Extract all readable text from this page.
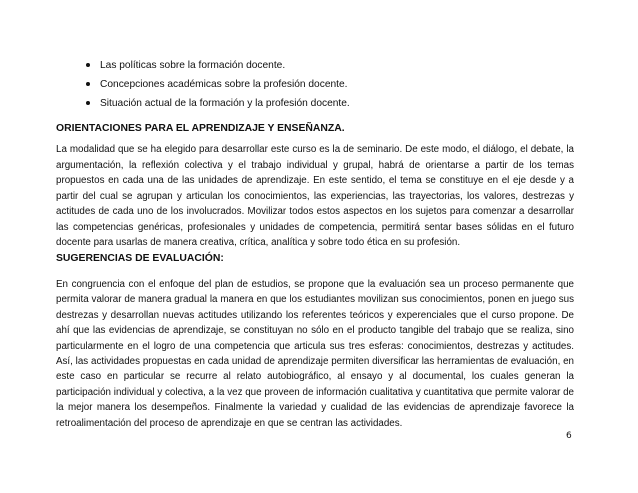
Las políticas sobre la formación docente.
Concepciones académicas sobre la profesión docente.
Situación actual de la formación y la profesión docente.
ORIENTACIONES PARA EL APRENDIZAJE Y ENSEÑANZA.

La modalidad que se ha elegido para desarrollar este curso es la de seminario. De este modo, el diálogo, el debate, la argumentación, la reflexión colectiva y el trabajo individual y grupal, habrá de orientarse a partir de los temas propuestos en cada una de las unidades de aprendizaje. En este sentido, el tema se constituye en el eje desde y a partir del cual se agrupan y articulan los conocimientos, las experiencias, las trayectorias, los valores, destrezas y actitudes de cada uno de los involucrados. Movilizar todos estos aspectos en los sujetos para comenzar a desarrollar las competencias genéricas, profesionales y unidades de competencia, permitirá sentar bases sólidas en el futuro docente para usarlas de manera creativa, crítica, analítica y sobre todo ética en su profesión.

SUGERENCIAS DE EVALUACIÓN:

En congruencia con el enfoque del plan de estudios, se propone que la evaluación sea un proceso permanente que permita valorar de manera gradual la manera en que los estudiantes movilizan sus conocimientos, ponen en juego sus destrezas y desarrollan nuevas actitudes utilizando los referentes teóricos y experenciales que el curso propone. De ahí que las evidencias de aprendizaje, se constituyan no sólo en el producto tangible del trabajo que se realiza, sino particularmente en el logro de una competencia que articula sus tres esferas: conocimientos, destrezas y actitudes. Así, las actividades propuestas en cada unidad de aprendizaje permiten diversificar las herramientas de evaluación, en este caso en particular se recurre al relato autobiográfico, al ensayo y al documental, los cuales generan la participación individual y colectiva, a la vez que proveen de información cualitativa y cuantitativa que permite valorar de la mejor manera los desempeños. Finalmente la variedad y cualidad de las evidencias de aprendizaje favorece la retroalimentación del proceso de aprendizaje en que se centran las actividades.

6
